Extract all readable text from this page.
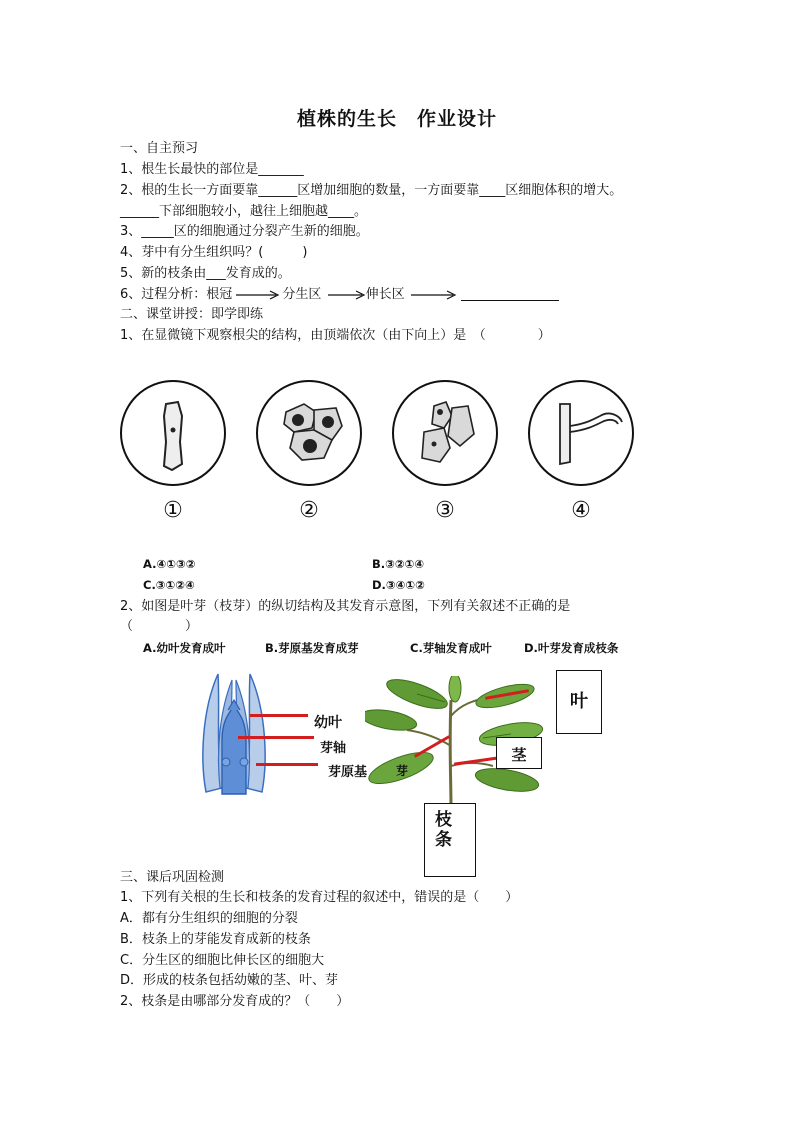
植株的生长　作业设计
一、自主预习
1、根生长最快的部位是_______
2、根的生长一方面要靠______区增加细胞的数量，一方面要靠____区细胞体积的增大。
______下部细胞较小，越往上细胞越____。
3、_____区的细胞通过分裂产生新的细胞。
4、芽中有分生组织吗？(　　　)
5、新的枝条由___发育成的。
6、过程分析：根冠	分生区	伸长区
二、课堂讲授：即学即练
1、在显微镜下观察根尖的结构，由顶端依次（由下向上）是　（　　　　）
①	②	③	④
A.④①③②	B.③②①④
C.③①②④	D.③④①②
2、如图是叶芽（枝芽）的纵切结构及其发育示意图，下列有关叙述不正确的是
（　　　　）
A.幼叶发育成叶	B.芽原基发育成芽	C.芽轴发育成叶	D.叶芽发育成枝条
幼叶
芽轴
芽原基
叶
茎
芽
枝
条
三、课后巩固检测
1、下列有关根的生长和枝条的发育过程的叙述中，错误的是（　　）
A．都有分生组织的细胞的分裂
B．枝条上的芽能发育成新的枝条
C．分生区的细胞比伸长区的细胞大
D．形成的枝条包括幼嫩的茎、叶、芽
2、枝条是由哪部分发育成的？（　　）
